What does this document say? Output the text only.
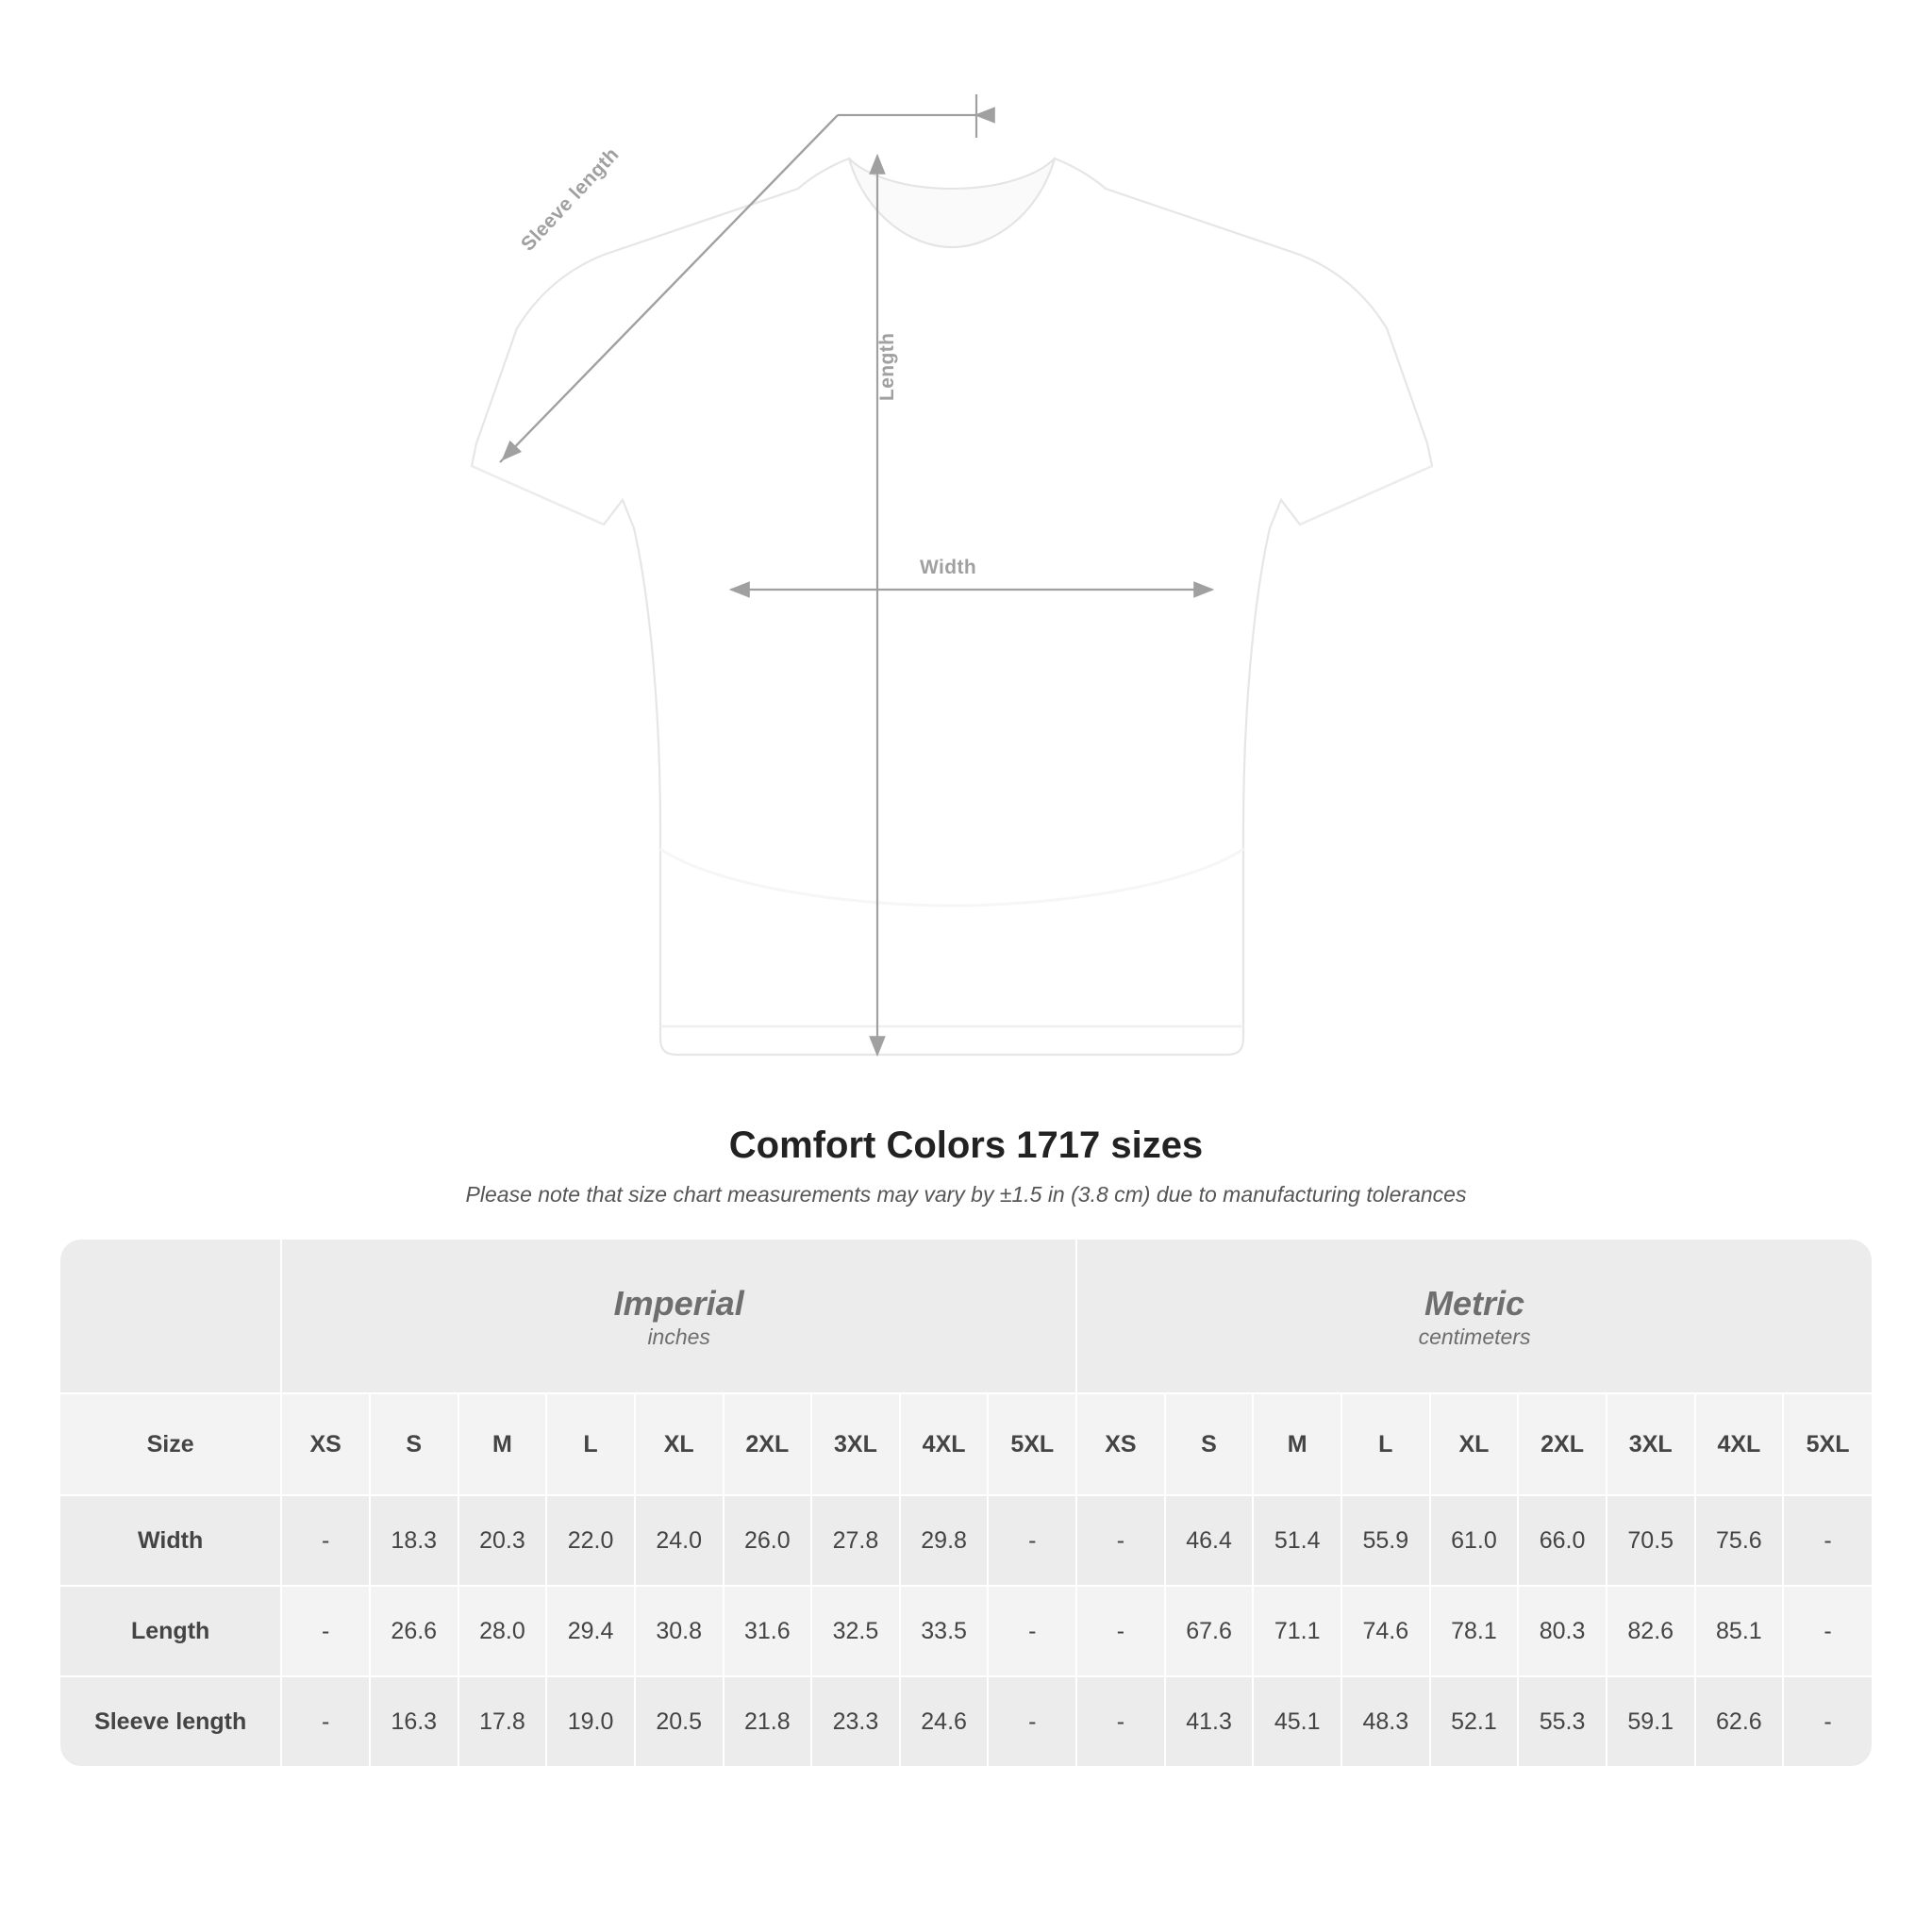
Width
Length
Sleeve length
Comfort Colors 1717 sizes

Please note that size chart measurements may vary by ±1.5 in (3.8 cm) due to manufacturing tolerances

	Imperial
inches									Metric
centimeters								

Size	XS	S	M	L	XL	2XL	3XL	4XL	5XL	XS	S	M	L	XL	2XL	3XL	4XL	5XL
Width	-	18.3	20.3	22.0	24.0	26.0	27.8	29.8	-	-	46.4	51.4	55.9	61.0	66.0	70.5	75.6	-
Length	-	26.6	28.0	29.4	30.8	31.6	32.5	33.5	-	-	67.6	71.1	74.6	78.1	80.3	82.6	85.1	-
Sleeve length	-	16.3	17.8	19.0	20.5	21.8	23.3	24.6	-	-	41.3	45.1	48.3	52.1	55.3	59.1	62.6	-
